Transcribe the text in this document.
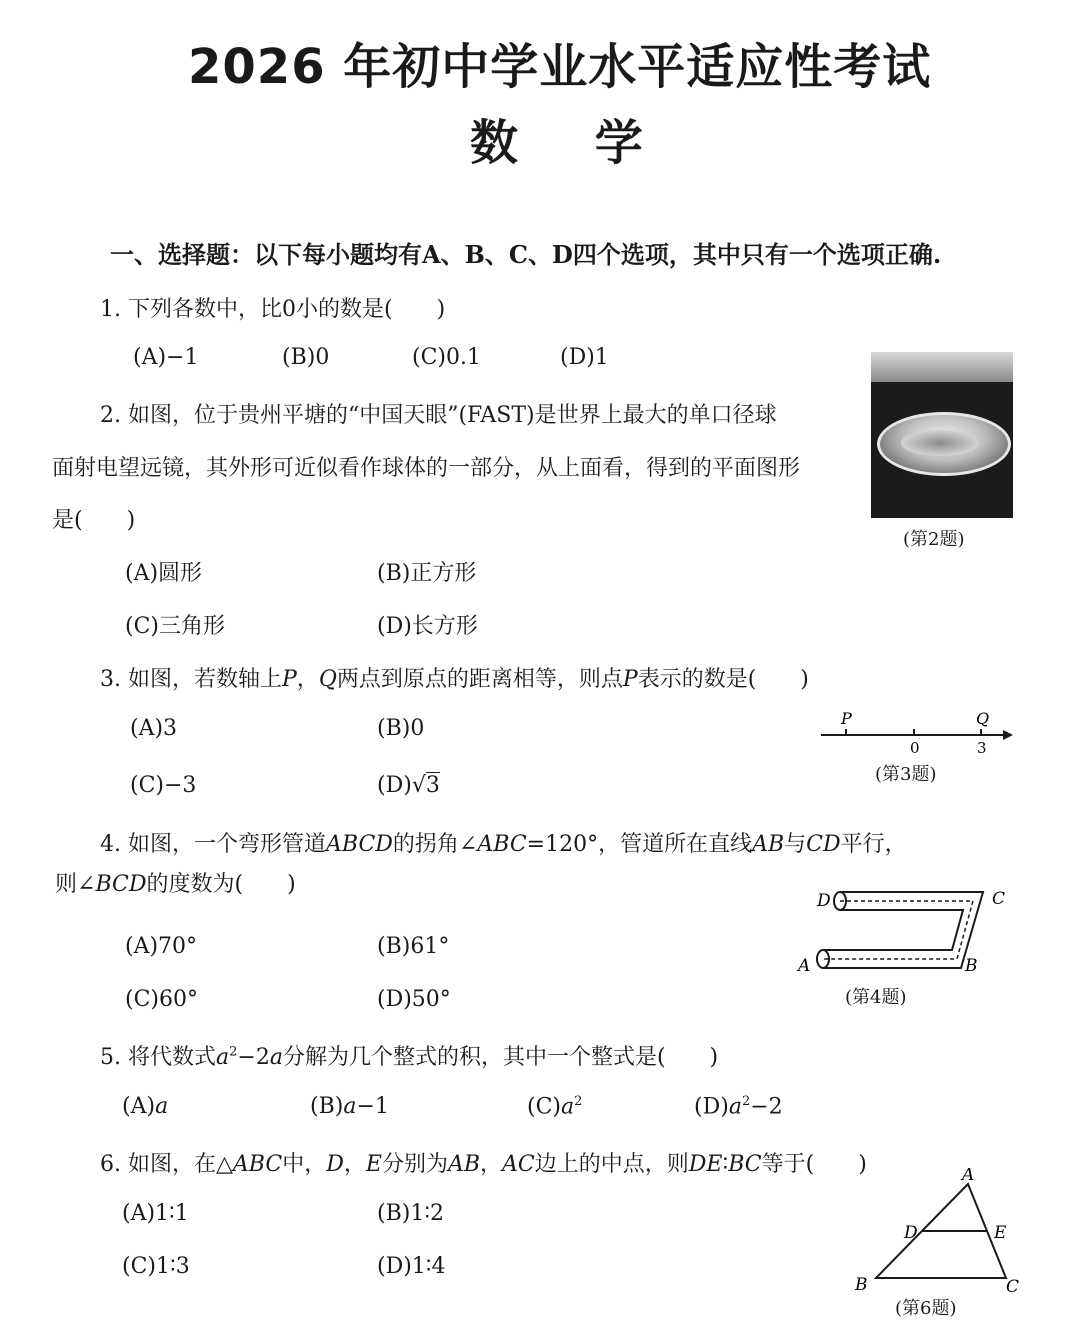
2026 年初中学业水平适应性考试
数 学
一、选择题：以下每小题均有A、B、C、D四个选项，其中只有一个选项正确.
1. 下列各数中，比0小的数是(　　)
(A)−1	(B)0	(C)0.1	(D)1
2. 如图，位于贵州平塘的“中国天眼”(FAST)是世界上最大的单口径球
面射电望远镜，其外形可近似看作球体的一部分，从上面看，得到的平面图形
是(　　)
(A)圆形	(B)正方形
(C)三角形	(D)长方形
(第2题)
3. 如图，若数轴上P，Q两点到原点的距离相等，则点P表示的数是(　　)
(A)3	(B)0
(C)−3	(D)√3
P	Q
0	3
(第3题)
4. 如图，一个弯形管道ABCD的拐角∠ABC=120°，管道所在直线AB与CD平行，
则∠BCD的度数为(　　)
(A)70°	(B)61°
(C)60°	(D)50°
D	C
A	B
(第4题)
5. 将代数式$a^2-2a$分解为几个整式的积，其中一个整式是(　　)
(A)a	(B)a−1	$(C)a^2$	$(D)a^2-2$
6. 如图，在△ABC中，D，E分别为AB，AC边上的中点，则DE∶BC等于(　　)
(A)1∶1	(B)1∶2
(C)1∶3	(D)1∶4
A
B	C
D	E
(第6题)
